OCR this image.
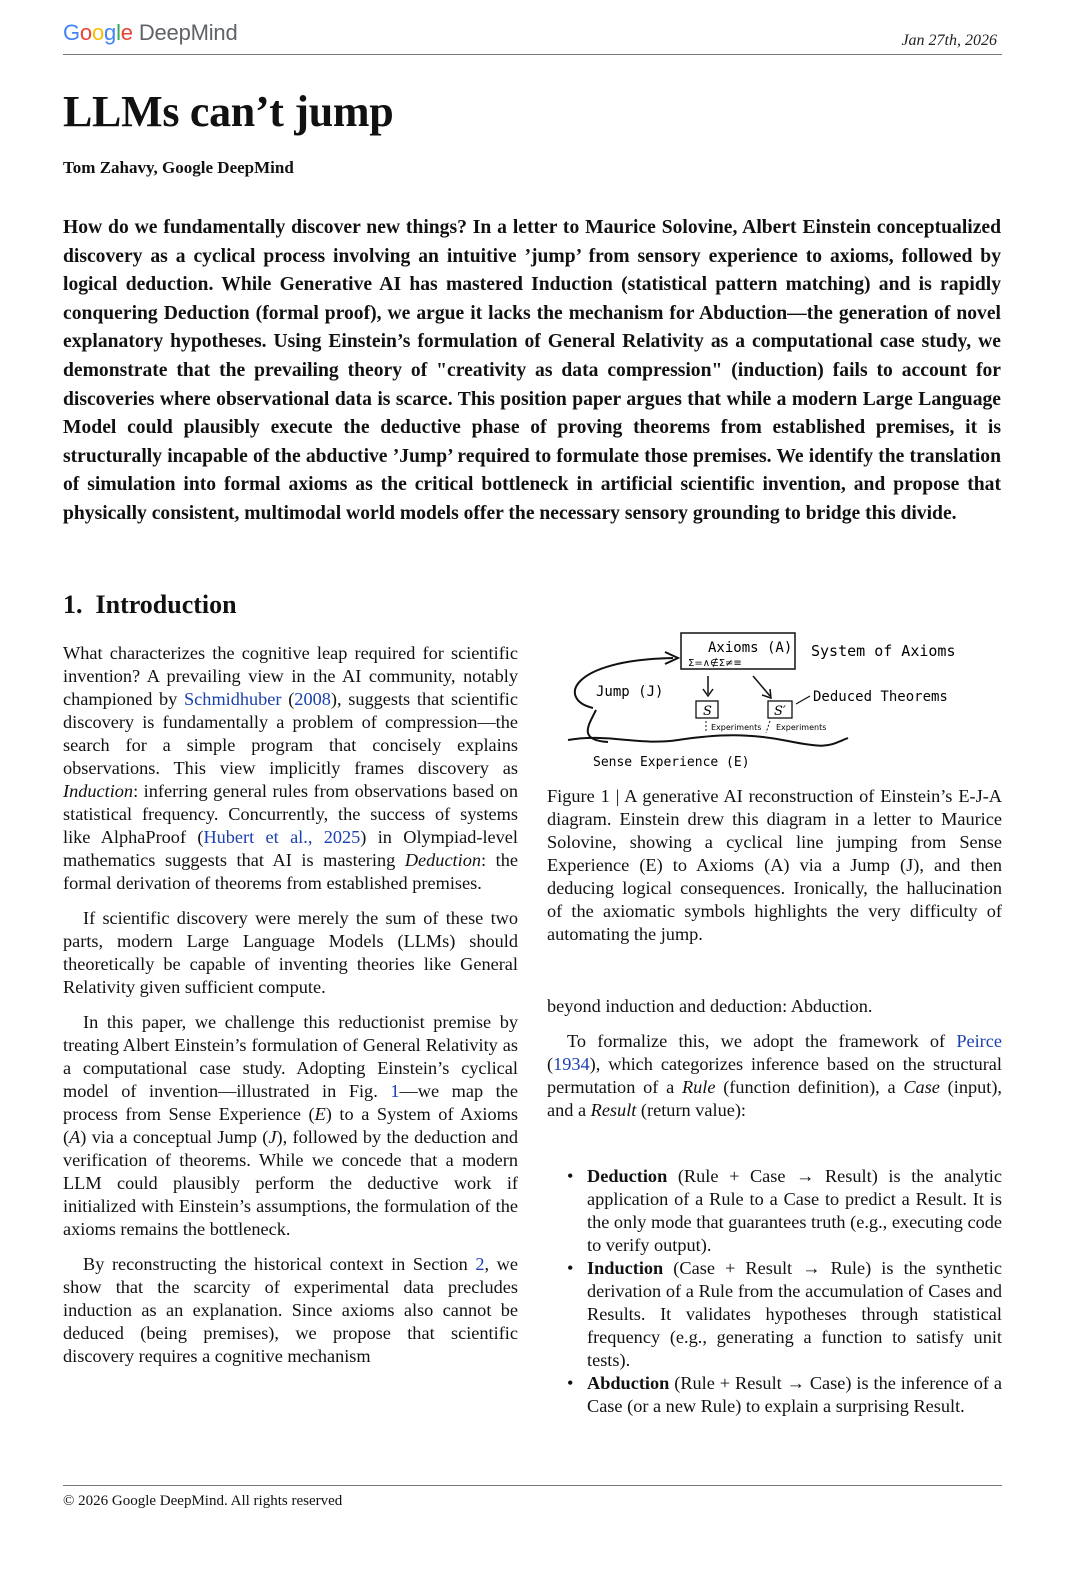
Google DeepMind	Jan 27th, 2026
LLMs can’t jump
Tom Zahavy, Google DeepMind

How do we fundamentally discover new things? In a letter to Maurice Solovine, Albert Einstein conceptualized discovery as a cyclical process involving an intuitive ’jump’ from sensory experience to axioms, followed by logical deduction. While Generative AI has mastered Induction (statistical pattern matching) and is rapidly conquering Deduction (formal proof), we argue it lacks the mechanism for Abduction—the generation of novel explanatory hypotheses. Using Einstein’s formulation of General Relativity as a computational case study, we demonstrate that the prevailing theory of "creativity as data compression" (induction) fails to account for discoveries where observational data is scarce. This position paper argues that while a modern Large Language Model could plausibly execute the deductive phase of proving theorems from established premises, it is structurally incapable of the abductive ’Jump’ required to formulate those premises. We identify the translation of simulation into formal axioms as the critical bottleneck in artificial scientific invention, and propose that physically consistent, multimodal world models offer the necessary sensory grounding to bridge this divide.

1. Introduction

What characterizes the cognitive leap required for scientific invention? A prevailing view in the AI community, notably championed by Schmidhuber (2008), suggests that scientific discovery is fundamentally a problem of compression—the search for a simple program that concisely explains observations. This view implicitly frames discovery as Induction: inferring general rules from observations based on statistical frequency. Concurrently, the success of systems like AlphaProof (Hubert et al., 2025) in Olympiad-level mathematics suggests that AI is mastering Deduction: the formal derivation of theorems from established premises.

If scientific discovery were merely the sum of these two parts, modern Large Language Models (LLMs) should theoretically be capable of inventing theories like General Relativity given sufficient compute.

In this paper, we challenge this reductionist premise by treating Albert Einstein’s formulation of General Relativity as a computational case study. Adopting Einstein’s cyclical model of invention—illustrated in Fig. 1—we map the process from Sense Experience (E) to a System of Axioms (A) via a conceptual Jump (J), followed by the deduction and verification of theorems. While we concede that a modern LLM could plausibly perform the deductive work if initialized with Einstein’s assumptions, the formulation of the axioms remains the bottleneck.

By reconstructing the historical context in Section 2, we show that the scarcity of experimental data precludes induction as an explanation. Since axioms also cannot be deduced (being premises), we propose that scientific discovery requires a cognitive mechanism

Axioms (A)
Σ=∧∉Σ≠≡
System of Axioms
Jump (J)
S	S′
Deduced Theorems
Experiments Experiments
Sense Experience (E)

Figure 1 | A generative AI reconstruction of Einstein’s E-J-A diagram. Einstein drew this diagram in a letter to Maurice Solovine, showing a cyclical line jumping from Sense Experience (E) to Axioms (A) via a Jump (J), and then deducing logical consequences. Ironically, the hallucination of the axiomatic symbols highlights the very difficulty of automating the jump.

beyond induction and deduction: Abduction.

To formalize this, we adopt the framework of Peirce (1934), which categorizes inference based on the structural permutation of a Rule (function definition), a Case (input), and a Result (return value):

• Deduction (Rule + Case → Result) is the analytic application of a Rule to a Case to predict a Result. It is the only mode that guarantees truth (e.g., executing code to verify output).
• Induction (Case + Result → Rule) is the synthetic derivation of a Rule from the accumulation of Cases and Results. It validates hypotheses through statistical frequency (e.g., generating a function to satisfy unit tests).
• Abduction (Rule + Result → Case) is the inference of a Case (or a new Rule) to explain a surprising Result.
© 2026 Google DeepMind. All rights reserved
